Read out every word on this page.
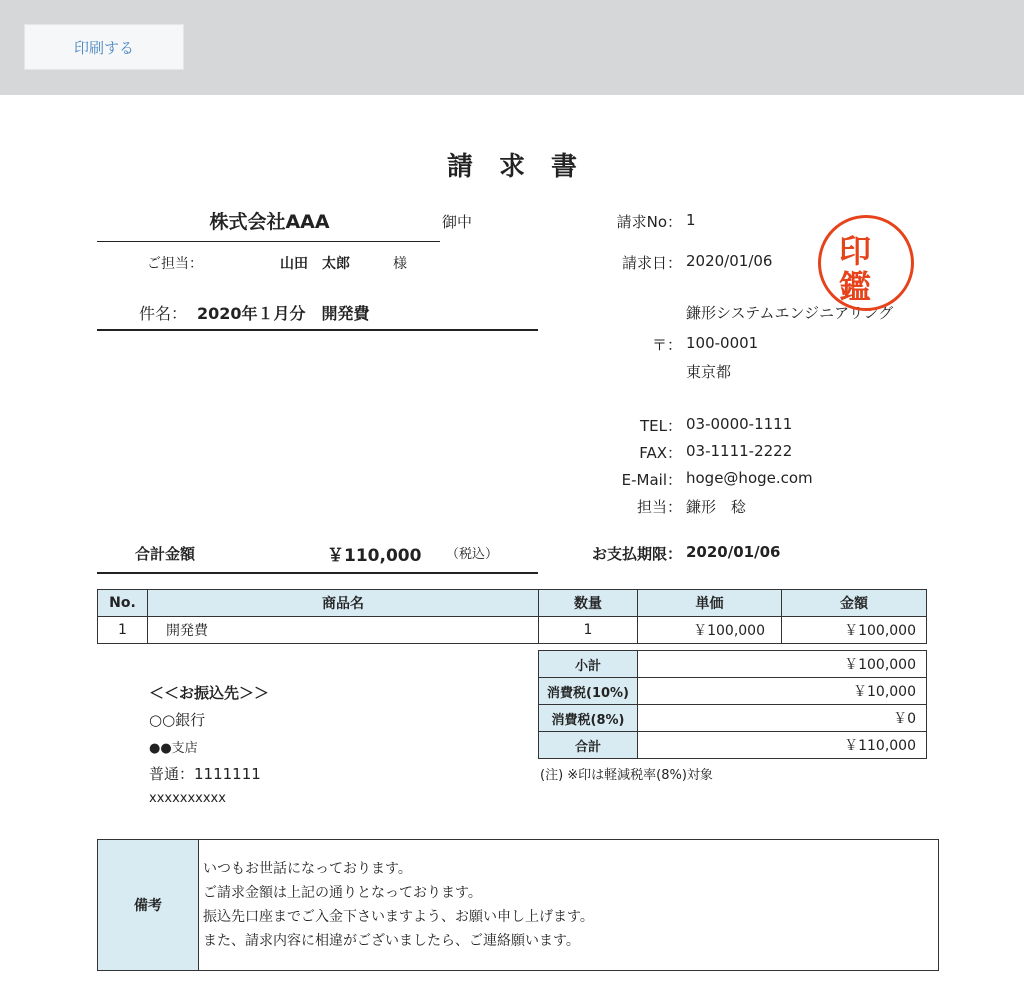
印刷する
請求書
株式会社AAA	御中
ご担当：	山田　太郎	様
件名： 2020年１月分　開発費
請求No： 1
請求日： 2020/01/06
鎌形システムエンジニアリング
〒： 100-0001
東京都
TEL： 03-0000-1111
FAX： 03-1111-2222
E-Mail： hoge@hoge.com
担当： 鎌形　稔
印
鑑
合計金額	￥110,000 （税込）	お支払期限： 2020/01/06
No.	商品名	数量	単価	金額
1	開発費	1	￥100,000	￥100,000
小計	￥100,000
消費税(10%)	￥10,000
消費税(8%)	￥0
合計	￥110,000
(注) ※印は軽減税率(8%)対象
＜＜お振込先＞＞
○○銀行
●●支店
普通：1111111
xxxxxxxxxx
備考	
いつもお世話になっております。
ご請求金額は上記の通りとなっております。
振込先口座までご入金下さいますよう、お願い申し上げます。
また、請求内容に相違がございましたら、ご連絡願います。
